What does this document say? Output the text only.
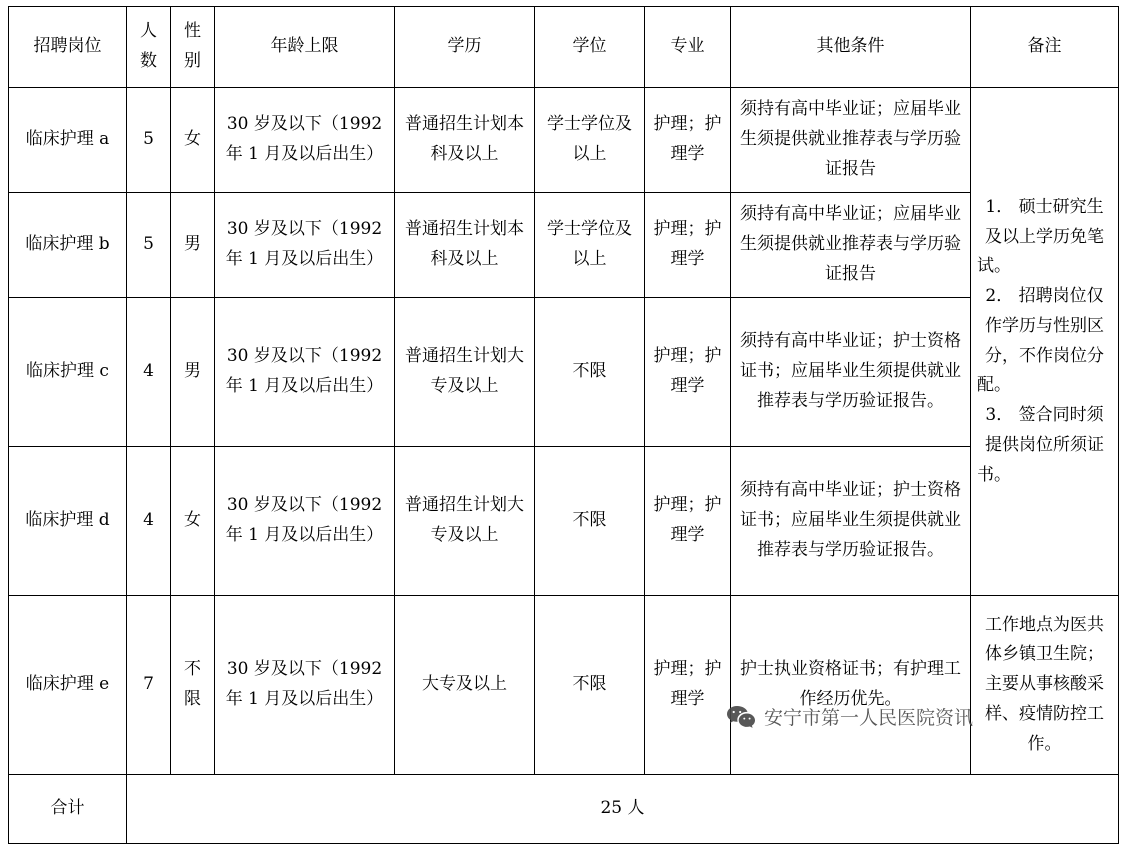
招聘岗位	人数	性别	年龄上限	学历	学位	专业	其他条件	备注
临床护理 a	5	女	30 岁及以下（1992 年 1 月及以后出生）	普通招生计划本科及以上	学士学位及以上	护理；护理学	须持有高中毕业证；应届毕业生须提供就业推荐表与学历验证报告	1． 硕士研究生及以上学历免笔试。
2． 招聘岗位仅作学历与性别区分，不作岗位分配。
3． 签合同时须提供岗位所须证书。

临床护理 b	5	男	30 岁及以下（1992 年 1 月及以后出生）	普通招生计划本科及以上	学士学位及以上	护理；护理学	须持有高中毕业证；应届毕业生须提供就业推荐表与学历验证报告	
临床护理 c	4	男	30 岁及以下（1992 年 1 月及以后出生）	普通招生计划大专及以上	不限	护理；护理学	须持有高中毕业证；护士资格证书；应届毕业生须提供就业推荐表与学历验证报告。	
临床护理 d	4	女	30 岁及以下（1992 年 1 月及以后出生）	普通招生计划大专及以上	不限	护理；护理学	须持有高中毕业证；护士资格证书；应届毕业生须提供就业推荐表与学历验证报告。	
临床护理 e	7	不限	30 岁及以下（1992 年 1 月及以后出生）	大专及以上	不限	护理；护理学	护士执业资格证书；有护理工作经历优先。	工作地点为医共体乡镇卫生院；主要从事核酸采样、疫情防控工作。
合计	25 人							
安宁市第一人民医院资讯
